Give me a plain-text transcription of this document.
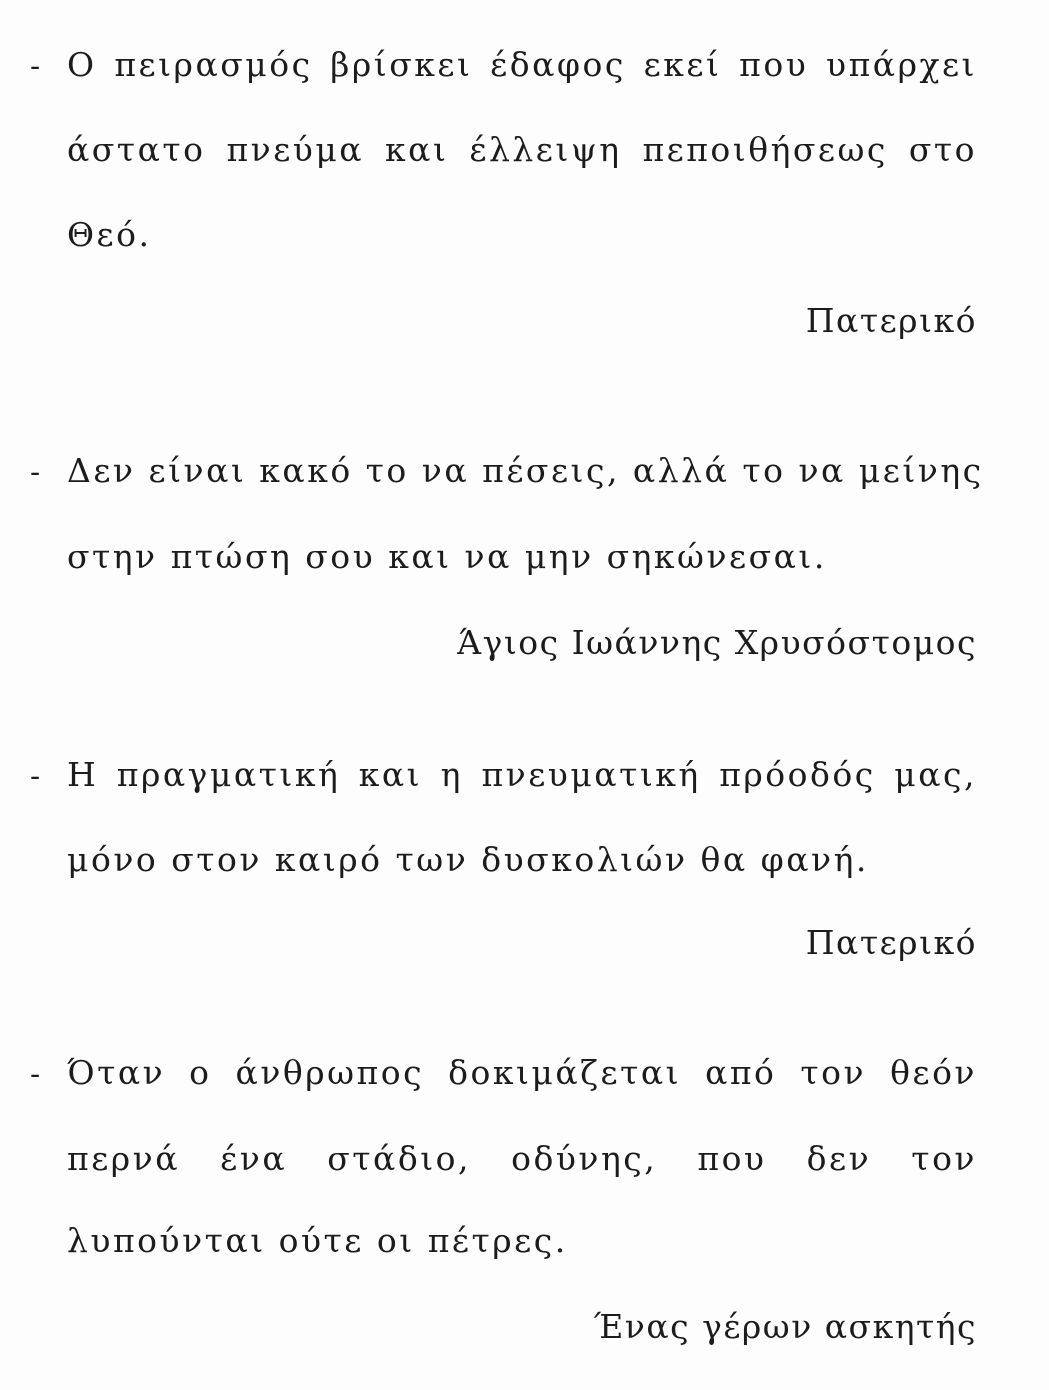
- Ο πειρασμός βρίσκει έδαφος εκεί που υπάρχει
άστατο πνεύμα και έλλειψη πεποιθήσεως στο
Θεό.
Πατερικό
- Δεν είναι κακό το να πέσεις, αλλά το να μείνης
στην πτώση σου και να μην σηκώνεσαι.
Άγιος Ιωάννης Χρυσόστομος
- Η πραγματική και η πνευματική πρόοδός μας,
μόνο στον καιρό των δυσκολιών θα φανή.
Πατερικό
- Όταν ο άνθρωπος δοκιμάζεται από τον θεόν
περνά ένα στάδιο, οδύνης, που δεν τον
λυπούνται ούτε οι πέτρες.
Ένας γέρων ασκητής
